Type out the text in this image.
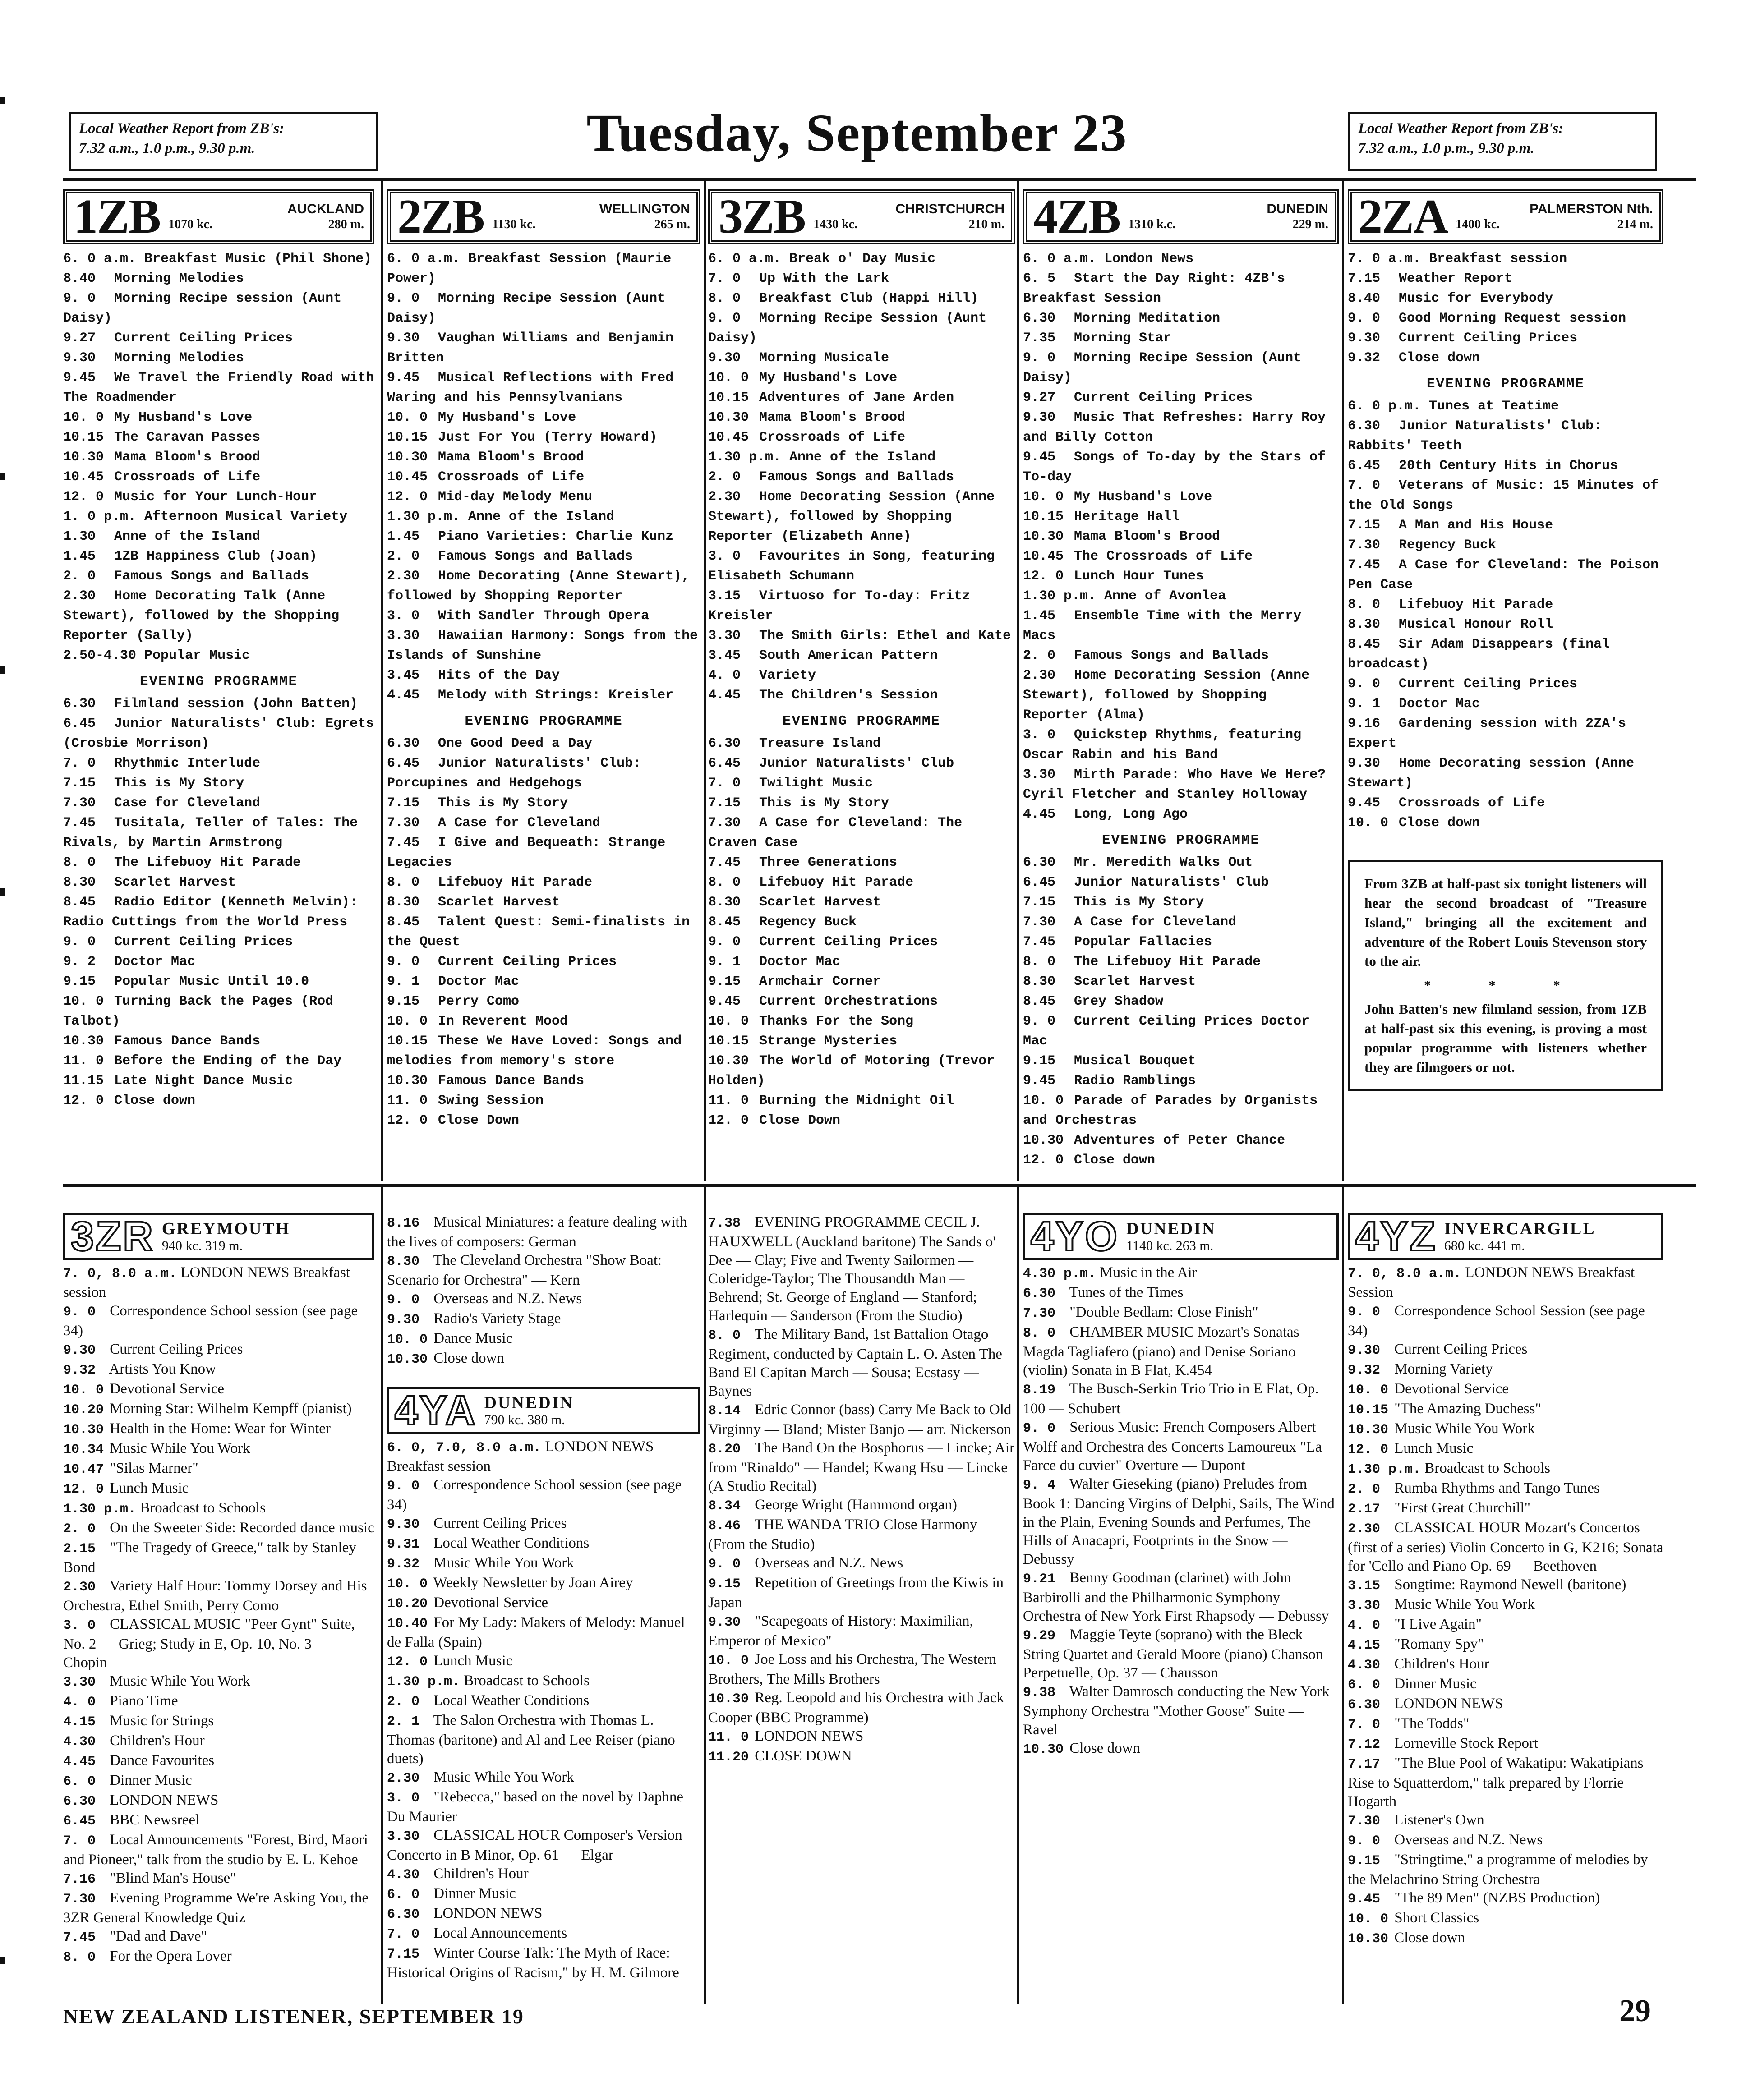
Local Weather Report from ZB's:
7.32 a.m., 1.0 p.m., 9.30 p.m.	Tuesday, September 23	Local Weather Report from ZB's:
7.32 a.m., 1.0 p.m., 9.30 p.m.
1ZB	AUCKLAND
1070 kc.	280 m.
6. 0 a.m. Breakfast Music (Phil Shone)
8.40 Morning Melodies
9. 0 Morning Recipe session (Aunt Daisy)
9.27 Current Ceiling Prices
9.30 Morning Melodies
9.45 We Travel the Friendly Road with The Roadmender
10. 0 My Husband's Love
10.15 The Caravan Passes
10.30 Mama Bloom's Brood
10.45 Crossroads of Life
12. 0 Music for Your Lunch-Hour
1. 0 p.m. Afternoon Musical Variety
1.30 Anne of the Island
1.45 1ZB Happiness Club (Joan)
2. 0 Famous Songs and Ballads
2.30 Home Decorating Talk (Anne Stewart), followed by the Shopping Reporter (Sally)
2.50-4.30 Popular Music
EVENING PROGRAMME
6.30 Filmland session (John Batten)
6.45 Junior Naturalists' Club: Egrets (Crosbie Morrison)
7. 0 Rhythmic Interlude
7.15 This is My Story
7.30 Case for Cleveland
7.45 Tusitala, Teller of Tales: The Rivals, by Martin Armstrong
8. 0 The Lifebuoy Hit Parade
8.30 Scarlet Harvest
8.45 Radio Editor (Kenneth Melvin): Radio Cuttings from the World Press
9. 0 Current Ceiling Prices
9. 2 Doctor Mac
9.15 Popular Music Until 10.0
10. 0 Turning Back the Pages (Rod Talbot)
10.30 Famous Dance Bands
11. 0 Before the Ending of the Day
11.15 Late Night Dance Music
12. 0 Close down
2ZB	WELLINGTON
1130 kc.	265 m.
6. 0 a.m. Breakfast Session (Maurie Power)
9. 0 Morning Recipe Session (Aunt Daisy)
9.30 Vaughan Williams and Benjamin Britten
9.45 Musical Reflections with Fred Waring and his Pennsylvanians
10. 0 My Husband's Love
10.15 Just For You (Terry Howard)
10.30 Mama Bloom's Brood
10.45 Crossroads of Life
12. 0 Mid-day Melody Menu
1.30 p.m. Anne of the Island
1.45 Piano Varieties: Charlie Kunz
2. 0 Famous Songs and Ballads
2.30 Home Decorating (Anne Stewart), followed by Shopping Reporter
3. 0 With Sandler Through Opera
3.30 Hawaiian Harmony: Songs from the Islands of Sunshine
3.45 Hits of the Day
4.45 Melody with Strings: Kreisler
EVENING PROGRAMME
6.30 One Good Deed a Day
6.45 Junior Naturalists' Club: Porcupines and Hedgehogs
7.15 This is My Story
7.30 A Case for Cleveland
7.45 I Give and Bequeath: Strange Legacies
8. 0 Lifebuoy Hit Parade
8.30 Scarlet Harvest
8.45 Talent Quest: Semi-finalists in the Quest
9. 0 Current Ceiling Prices
9. 1 Doctor Mac
9.15 Perry Como
10. 0 In Reverent Mood
10.15 These We Have Loved: Songs and melodies from memory's store
10.30 Famous Dance Bands
11. 0 Swing Session
12. 0 Close Down
3ZB	CHRISTCHURCH
1430 kc.	210 m.
6. 0 a.m. Break o' Day Music
7. 0 Up With the Lark
8. 0 Breakfast Club (Happi Hill)
9. 0 Morning Recipe Session (Aunt Daisy)
9.30 Morning Musicale
10. 0 My Husband's Love
10.15 Adventures of Jane Arden
10.30 Mama Bloom's Brood
10.45 Crossroads of Life
1.30 p.m. Anne of the Island
2. 0 Famous Songs and Ballads
2.30 Home Decorating Session (Anne Stewart), followed by Shopping Reporter (Elizabeth Anne)
3. 0 Favourites in Song, featuring Elisabeth Schumann
3.15 Virtuoso for To-day: Fritz Kreisler
3.30 The Smith Girls: Ethel and Kate
3.45 South American Pattern
4. 0 Variety
4.45 The Children's Session
EVENING PROGRAMME
6.30 Treasure Island
6.45 Junior Naturalists' Club
7. 0 Twilight Music
7.15 This is My Story
7.30 A Case for Cleveland: The Craven Case
7.45 Three Generations
8. 0 Lifebuoy Hit Parade
8.30 Scarlet Harvest
8.45 Regency Buck
9. 0 Current Ceiling Prices
9. 1 Doctor Mac
9.15 Armchair Corner
9.45 Current Orchestrations
10. 0 Thanks For the Song
10.15 Strange Mysteries
10.30 The World of Motoring (Trevor Holden)
11. 0 Burning the Midnight Oil
12. 0 Close Down
4ZB	DUNEDIN
1310 k.c.	229 m.
6. 0 a.m. London News
6. 5 Start the Day Right: 4ZB's Breakfast Session
6.30 Morning Meditation
7.35 Morning Star
9. 0 Morning Recipe Session (Aunt Daisy)
9.27 Current Ceiling Prices
9.30 Music That Refreshes: Harry Roy and Billy Cotton
9.45 Songs of To-day by the Stars of To-day
10. 0 My Husband's Love
10.15 Heritage Hall
10.30 Mama Bloom's Brood
10.45 The Crossroads of Life
12. 0 Lunch Hour Tunes
1.30 p.m. Anne of Avonlea
1.45 Ensemble Time with the Merry Macs
2. 0 Famous Songs and Ballads
2.30 Home Decorating Session (Anne Stewart), followed by Shopping Reporter (Alma)
3. 0 Quickstep Rhythms, featuring Oscar Rabin and his Band
3.30 Mirth Parade: Who Have We Here? Cyril Fletcher and Stanley Holloway
4.45 Long, Long Ago
EVENING PROGRAMME
6.30 Mr. Meredith Walks Out
6.45 Junior Naturalists' Club
7.15 This is My Story
7.30 A Case for Cleveland
7.45 Popular Fallacies
8. 0 The Lifebuoy Hit Parade
8.30 Scarlet Harvest
8.45 Grey Shadow
9. 0 Current Ceiling Prices Doctor Mac
9.15 Musical Bouquet
9.45 Radio Ramblings
10. 0 Parade of Parades by Organists and Orchestras
10.30 Adventures of Peter Chance
12. 0 Close down
2ZA	PALMERSTON Nth.
1400 kc.	214 m.
7. 0 a.m. Breakfast session
7.15 Weather Report
8.40 Music for Everybody
9. 0 Good Morning Request session
9.30 Current Ceiling Prices
9.32 Close down
EVENING PROGRAMME
6. 0 p.m. Tunes at Teatime
6.30 Junior Naturalists' Club: Rabbits' Teeth
6.45 20th Century Hits in Chorus
7. 0 Veterans of Music: 15 Minutes of the Old Songs
7.15 A Man and His House
7.30 Regency Buck
7.45 A Case for Cleveland: The Poison Pen Case
8. 0 Lifebuoy Hit Parade
8.30 Musical Honour Roll
8.45 Sir Adam Disappears (final broadcast)
9. 0 Current Ceiling Prices
9. 1 Doctor Mac
9.16 Gardening session with 2ZA's Expert
9.30 Home Decorating session (Anne Stewart)
9.45 Crossroads of Life
10. 0 Close down
From 3ZB at half-past six tonight listeners will hear the second broadcast of "Treasure Island," bringing all the excitement and adventure of the Robert Louis Stevenson story to the air.
* * *
John Batten's new filmland session, from 1ZB at half-past six this evening, is proving a most popular programme with listeners whether they are filmgoers or not.
3ZR GREYMOUTH
940 kc. 319 m.
7. 0, 8.0 a.m. LONDON NEWS Breakfast session
9. 0 Correspondence School session (see page 34)
9.30 Current Ceiling Prices
9.32 Artists You Know
10. 0 Devotional Service
10.20 Morning Star: Wilhelm Kempff (pianist)
10.30 Health in the Home: Wear for Winter
10.34 Music While You Work
10.47 "Silas Marner"
12. 0 Lunch Music
1.30 p.m. Broadcast to Schools
2. 0 On the Sweeter Side: Recorded dance music
2.15 "The Tragedy of Greece," talk by Stanley Bond
2.30 Variety Half Hour: Tommy Dorsey and His Orchestra, Ethel Smith, Perry Como
3. 0 CLASSICAL MUSIC "Peer Gynt" Suite, No. 2 — Grieg; Study in E, Op. 10, No. 3 — Chopin
3.30 Music While You Work
4. 0 Piano Time
4.15 Music for Strings
4.30 Children's Hour
4.45 Dance Favourites
6. 0 Dinner Music
6.30 LONDON NEWS
6.45 BBC Newsreel
7. 0 Local Announcements "Forest, Bird, Maori and Pioneer," talk from the studio by E. L. Kehoe
7.16 "Blind Man's House"
7.30 Evening Programme We're Asking You, the 3ZR General Knowledge Quiz
7.45 "Dad and Dave"
8. 0 For the Opera Lover
8.16 Musical Miniatures: a feature dealing with the lives of composers: German
8.30 The Cleveland Orchestra "Show Boat: Scenario for Orchestra" — Kern
9. 0 Overseas and N.Z. News
9.30 Radio's Variety Stage
10. 0 Dance Music
10.30 Close down
4YA DUNEDIN
790 kc. 380 m.
6. 0, 7.0, 8.0 a.m. LONDON NEWS Breakfast session
9. 0 Correspondence School session (see page 34)
9.30 Current Ceiling Prices
9.31 Local Weather Conditions
9.32 Music While You Work
10. 0 Weekly Newsletter by Joan Airey
10.20 Devotional Service
10.40 For My Lady: Makers of Melody: Manuel de Falla (Spain)
12. 0 Lunch Music
1.30 p.m. Broadcast to Schools
2. 0 Local Weather Conditions
2. 1 The Salon Orchestra with Thomas L. Thomas (baritone) and Al and Lee Reiser (piano duets)
2.30 Music While You Work
3. 0 "Rebecca," based on the novel by Daphne Du Maurier
3.30 CLASSICAL HOUR Composer's Version Concerto in B Minor, Op. 61 — Elgar
4.30 Children's Hour
6. 0 Dinner Music
6.30 LONDON NEWS
7. 0 Local Announcements
7.15 Winter Course Talk: The Myth of Race: Historical Origins of Racism," by H. M. Gilmore
7.38 EVENING PROGRAMME CECIL J. HAUXWELL (Auckland baritone) The Sands o' Dee — Clay; Five and Twenty Sailormen — Coleridge-Taylor; The Thousandth Man — Behrend; St. George of England — Stanford; Harlequin — Sanderson (From the Studio)
8. 0 The Military Band, 1st Battalion Otago Regiment, conducted by Captain L. O. Asten The Band El Capitan March — Sousa; Ecstasy — Baynes
8.14 Edric Connor (bass) Carry Me Back to Old Virginny — Bland; Mister Banjo — arr. Nickerson
8.20 The Band On the Bosphorus — Lincke; Air from "Rinaldo" — Handel; Kwang Hsu — Lincke (A Studio Recital)
8.34 George Wright (Hammond organ)
8.46 THE WANDA TRIO Close Harmony (From the Studio)
9. 0 Overseas and N.Z. News
9.15 Repetition of Greetings from the Kiwis in Japan
9.30 "Scapegoats of History: Maximilian, Emperor of Mexico"
10. 0 Joe Loss and his Orchestra, The Western Brothers, The Mills Brothers
10.30 Reg. Leopold and his Orchestra with Jack Cooper (BBC Programme)
11. 0 LONDON NEWS
11.20 CLOSE DOWN
4YO DUNEDIN
1140 kc. 263 m.
4.30 p.m. Music in the Air
6.30 Tunes of the Times
7.30 "Double Bedlam: Close Finish"
8. 0 CHAMBER MUSIC Mozart's Sonatas Magda Tagliafero (piano) and Denise Soriano (violin) Sonata in B Flat, K.454
8.19 The Busch-Serkin Trio Trio in E Flat, Op. 100 — Schubert
9. 0 Serious Music: French Composers Albert Wolff and Orchestra des Concerts Lamoureux "La Farce du cuvier" Overture — Dupont
9. 4 Walter Gieseking (piano) Preludes from Book 1: Dancing Virgins of Delphi, Sails, The Wind in the Plain, Evening Sounds and Perfumes, The Hills of Anacapri, Footprints in the Snow — Debussy
9.21 Benny Goodman (clarinet) with John Barbirolli and the Philharmonic Symphony Orchestra of New York First Rhapsody — Debussy
9.29 Maggie Teyte (soprano) with the Bleck String Quartet and Gerald Moore (piano) Chanson Perpetuelle, Op. 37 — Chausson
9.38 Walter Damrosch conducting the New York Symphony Orchestra "Mother Goose" Suite — Ravel
10.30 Close down
4YZ INVERCARGILL
680 kc. 441 m.
7. 0, 8.0 a.m. LONDON NEWS Breakfast Session
9. 0 Correspondence School Session (see page 34)
9.30 Current Ceiling Prices
9.32 Morning Variety
10. 0 Devotional Service
10.15 "The Amazing Duchess"
10.30 Music While You Work
12. 0 Lunch Music
1.30 p.m. Broadcast to Schools
2. 0 Rumba Rhythms and Tango Tunes
2.17 "First Great Churchill"
2.30 CLASSICAL HOUR Mozart's Concertos (first of a series) Violin Concerto in G, K216; Sonata for 'Cello and Piano Op. 69 — Beethoven
3.15 Songtime: Raymond Newell (baritone)
3.30 Music While You Work
4. 0 "I Live Again"
4.15 "Romany Spy"
4.30 Children's Hour
6. 0 Dinner Music
6.30 LONDON NEWS
7. 0 "The Todds"
7.12 Lorneville Stock Report
7.17 "The Blue Pool of Wakatipu: Wakatipians Rise to Squatterdom," talk prepared by Florrie Hogarth
7.30 Listener's Own
9. 0 Overseas and N.Z. News
9.15 "Stringtime," a programme of melodies by the Melachrino String Orchestra
9.45 "The 89 Men" (NZBS Production)
10. 0 Short Classics
10.30 Close down
NEW ZEALAND LISTENER, SEPTEMBER 19	29
